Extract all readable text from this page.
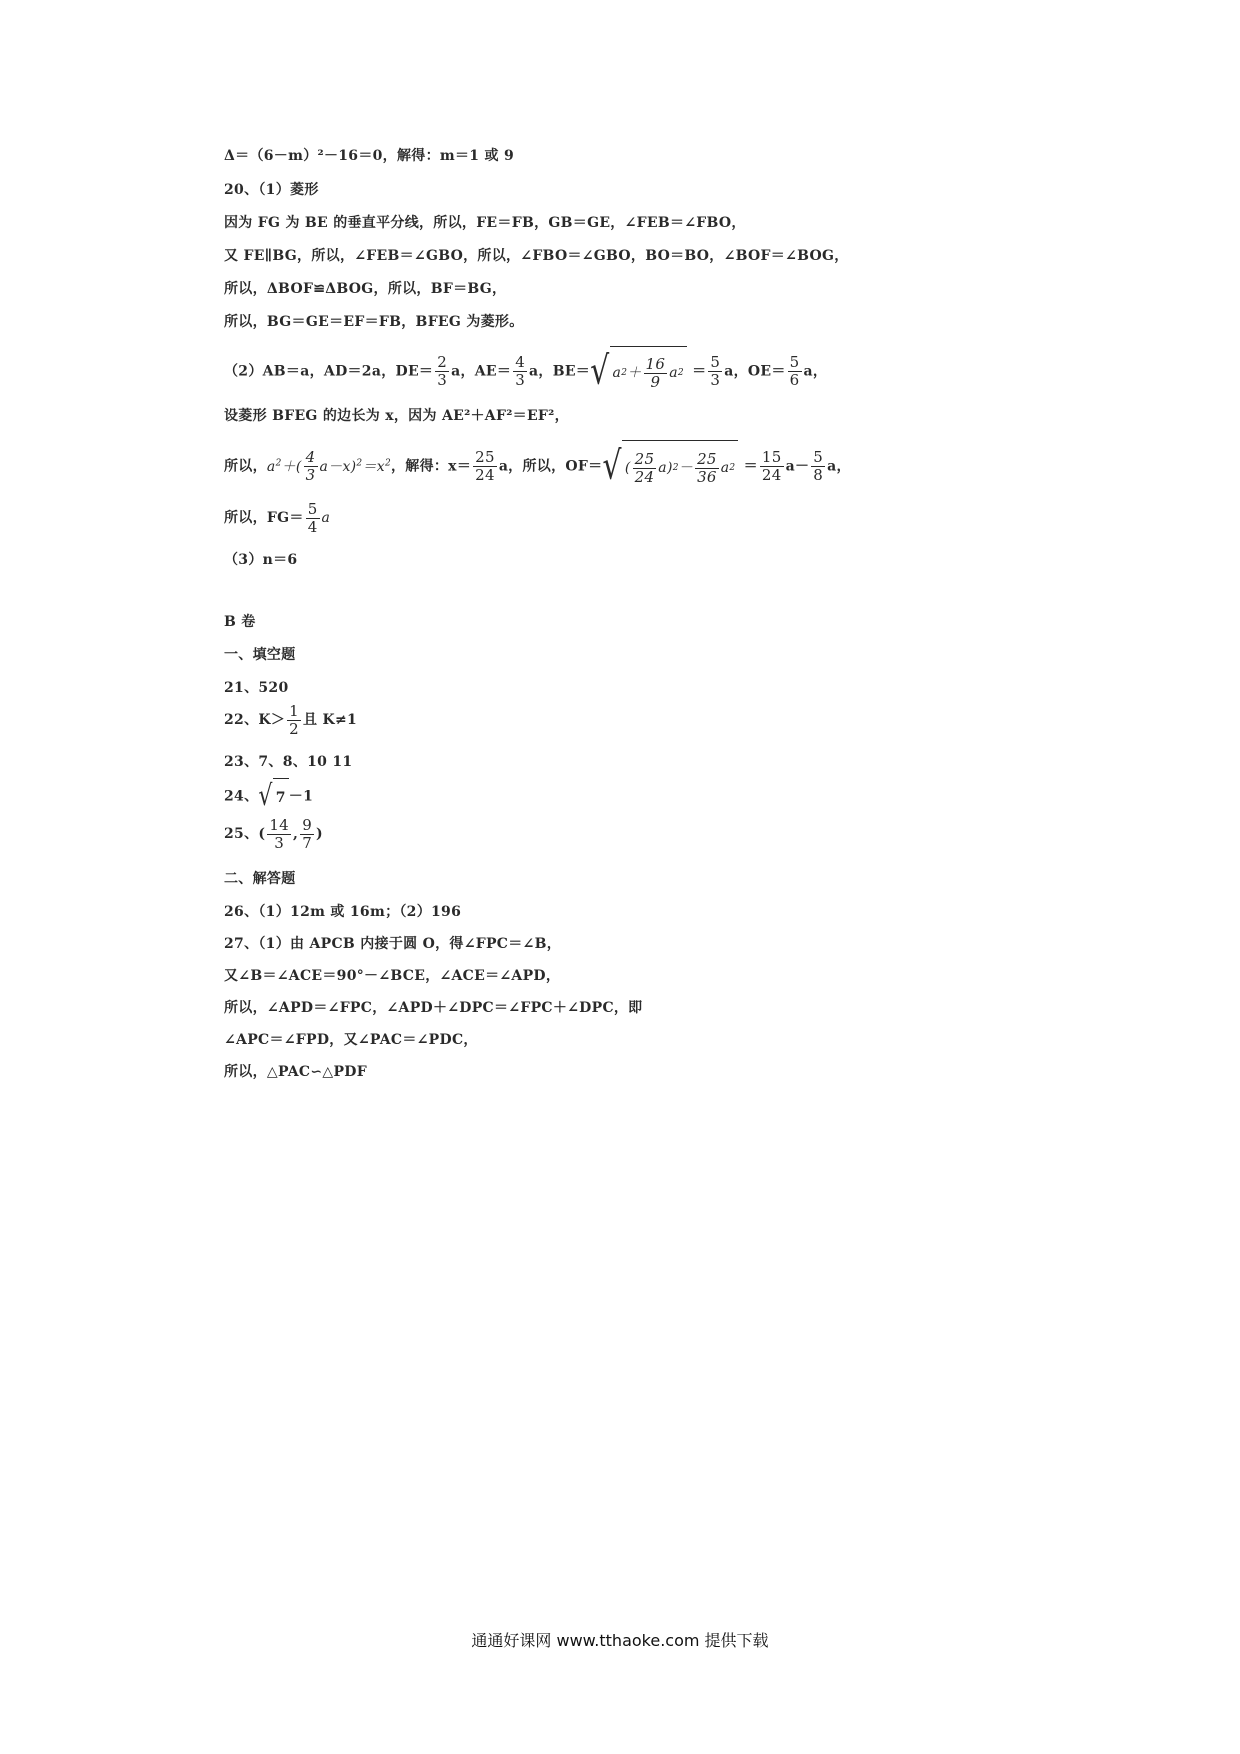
Δ＝（6－m）²－16＝0，解得：m＝1 或 9
20、（1）菱形
因为 FG 为 BE 的垂直平分线，所以，FE＝FB，GB＝GE，∠FEB＝∠FBO，
又 FE∥BG，所以，∠FEB＝∠GBO，所以，∠FBO＝∠GBO，BO＝BO，∠BOF＝∠BOG，
所以，ΔBOF≌ΔBOG，所以，BF＝BG，
所以，BG＝GE＝EF＝FB，BFEG 为菱形。
（2）AB＝a，AD＝2a，$DE= \frac{2}{3}$ a，$AE= \frac{4}{3}$ a，BE＝ √ a $2 + \frac{16}{9}$ a $2 = \frac{5}{3}$ a，$OE= \frac{5}{6}$ a，
设菱形 BFEG 的边长为 x，因为 AE²＋AF²＝EF²，
所以，$a^2+( \frac{4}{3} a-x)^2=x^2$，解得：$x= \frac{25}{24}$ a，所以，OF＝ √ ( $\frac{25}{24} a$) $2 - \frac{25}{36}$ a $2 = \frac{15}{24} a- \frac{5}{8}$ a，
所以，$FG= \frac{5}{4}$ a
（3）n＝6
B 卷
一、填空题
21、520
22、$K> \frac{1}{2}$ 且 K≠1
23、7、8、10 11
24、 √ 7 －1
25、( $\frac{14}{3}$ , $\frac{9}{7}$ )
二、解答题
26、（1）12m 或 16m；（2）196
27、（1）由 APCB 内接于圆 O，得∠FPC＝∠B，
又∠B＝∠ACE＝90°－∠BCE，∠ACE＝∠APD，
所以，∠APD＝∠FPC，∠APD＋∠DPC＝∠FPC＋∠DPC，即
∠APC＝∠FPD，又∠PAC＝∠PDC，
所以，△PAC∽△PDF
通通好课网 www.tthaoke.com 提供下载
